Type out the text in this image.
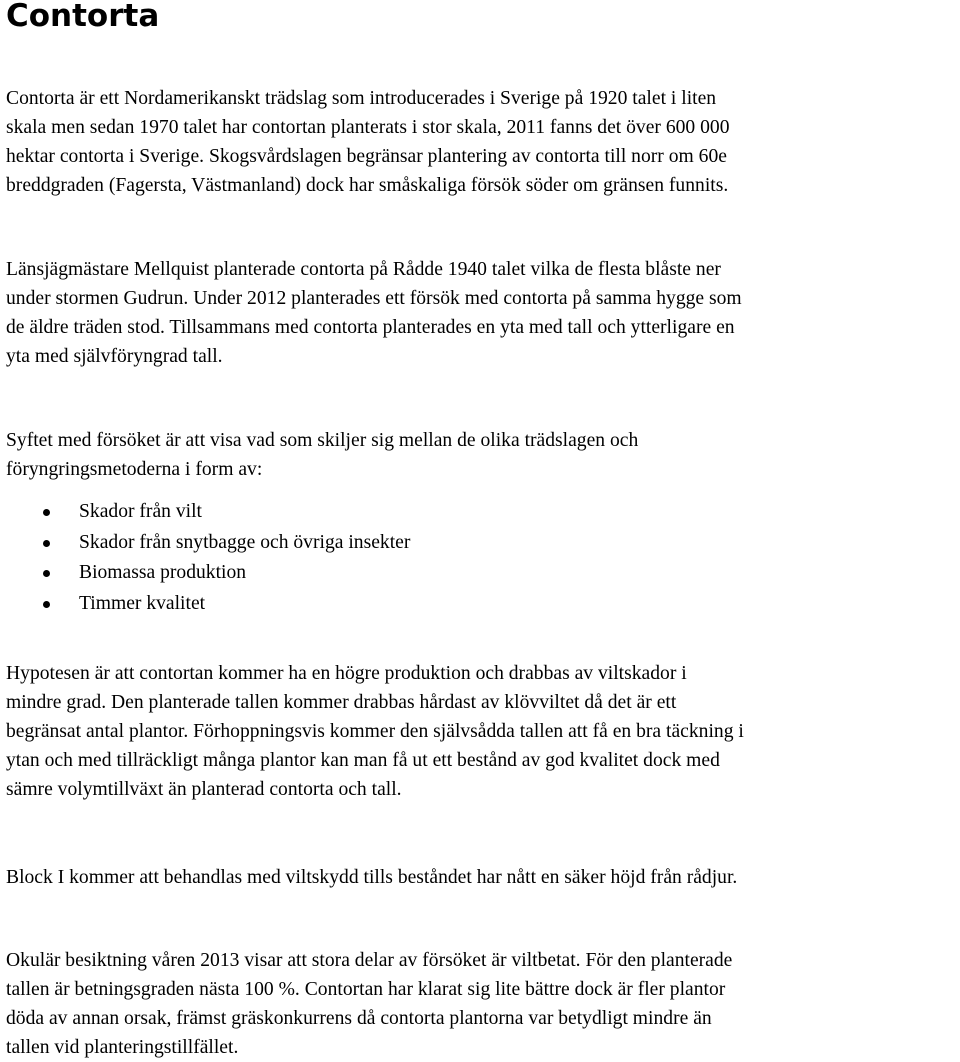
Contorta

Contorta är ett Nordamerikanskt trädslag som introducerades i Sverige på 1920 talet i liten
skala men sedan 1970 talet har contortan planterats i stor skala, 2011 fanns det över 600 000
hektar contorta i Sverige. Skogsvårdslagen begränsar plantering av contorta till norr om 60e
breddgraden (Fagersta, Västmanland) dock har småskaliga försök söder om gränsen funnits.

Länsjägmästare Mellquist planterade contorta på Rådde 1940 talet vilka de flesta blåste ner
under stormen Gudrun. Under 2012 planterades ett försök med contorta på samma hygge som
de äldre träden stod. Tillsammans med contorta planterades en yta med tall och ytterligare en
yta med självföryngrad tall.

Syftet med försöket är att visa vad som skiljer sig mellan de olika trädslagen och
föryngringsmetoderna i form av:

Skador från vilt
Skador från snytbagge och övriga insekter
Biomassa produktion
Timmer kvalitet

Hypotesen är att contortan kommer ha en högre produktion och drabbas av viltskador i
mindre grad. Den planterade tallen kommer drabbas hårdast av klövviltet då det är ett
begränsat antal plantor. Förhoppningsvis kommer den självsådda tallen att få en bra täckning i
ytan och med tillräckligt många plantor kan man få ut ett bestånd av god kvalitet dock med
sämre volymtillväxt än planterad contorta och tall.

Block I kommer att behandlas med viltskydd tills beståndet har nått en säker höjd från rådjur.

Okulär besiktning våren 2013 visar att stora delar av försöket är viltbetat. För den planterade
tallen är betningsgraden nästa 100 %. Contortan har klarat sig lite bättre dock är fler plantor
döda av annan orsak, främst gräskonkurrens då contorta plantorna var betydligt mindre än
tallen vid planteringstillfället.
